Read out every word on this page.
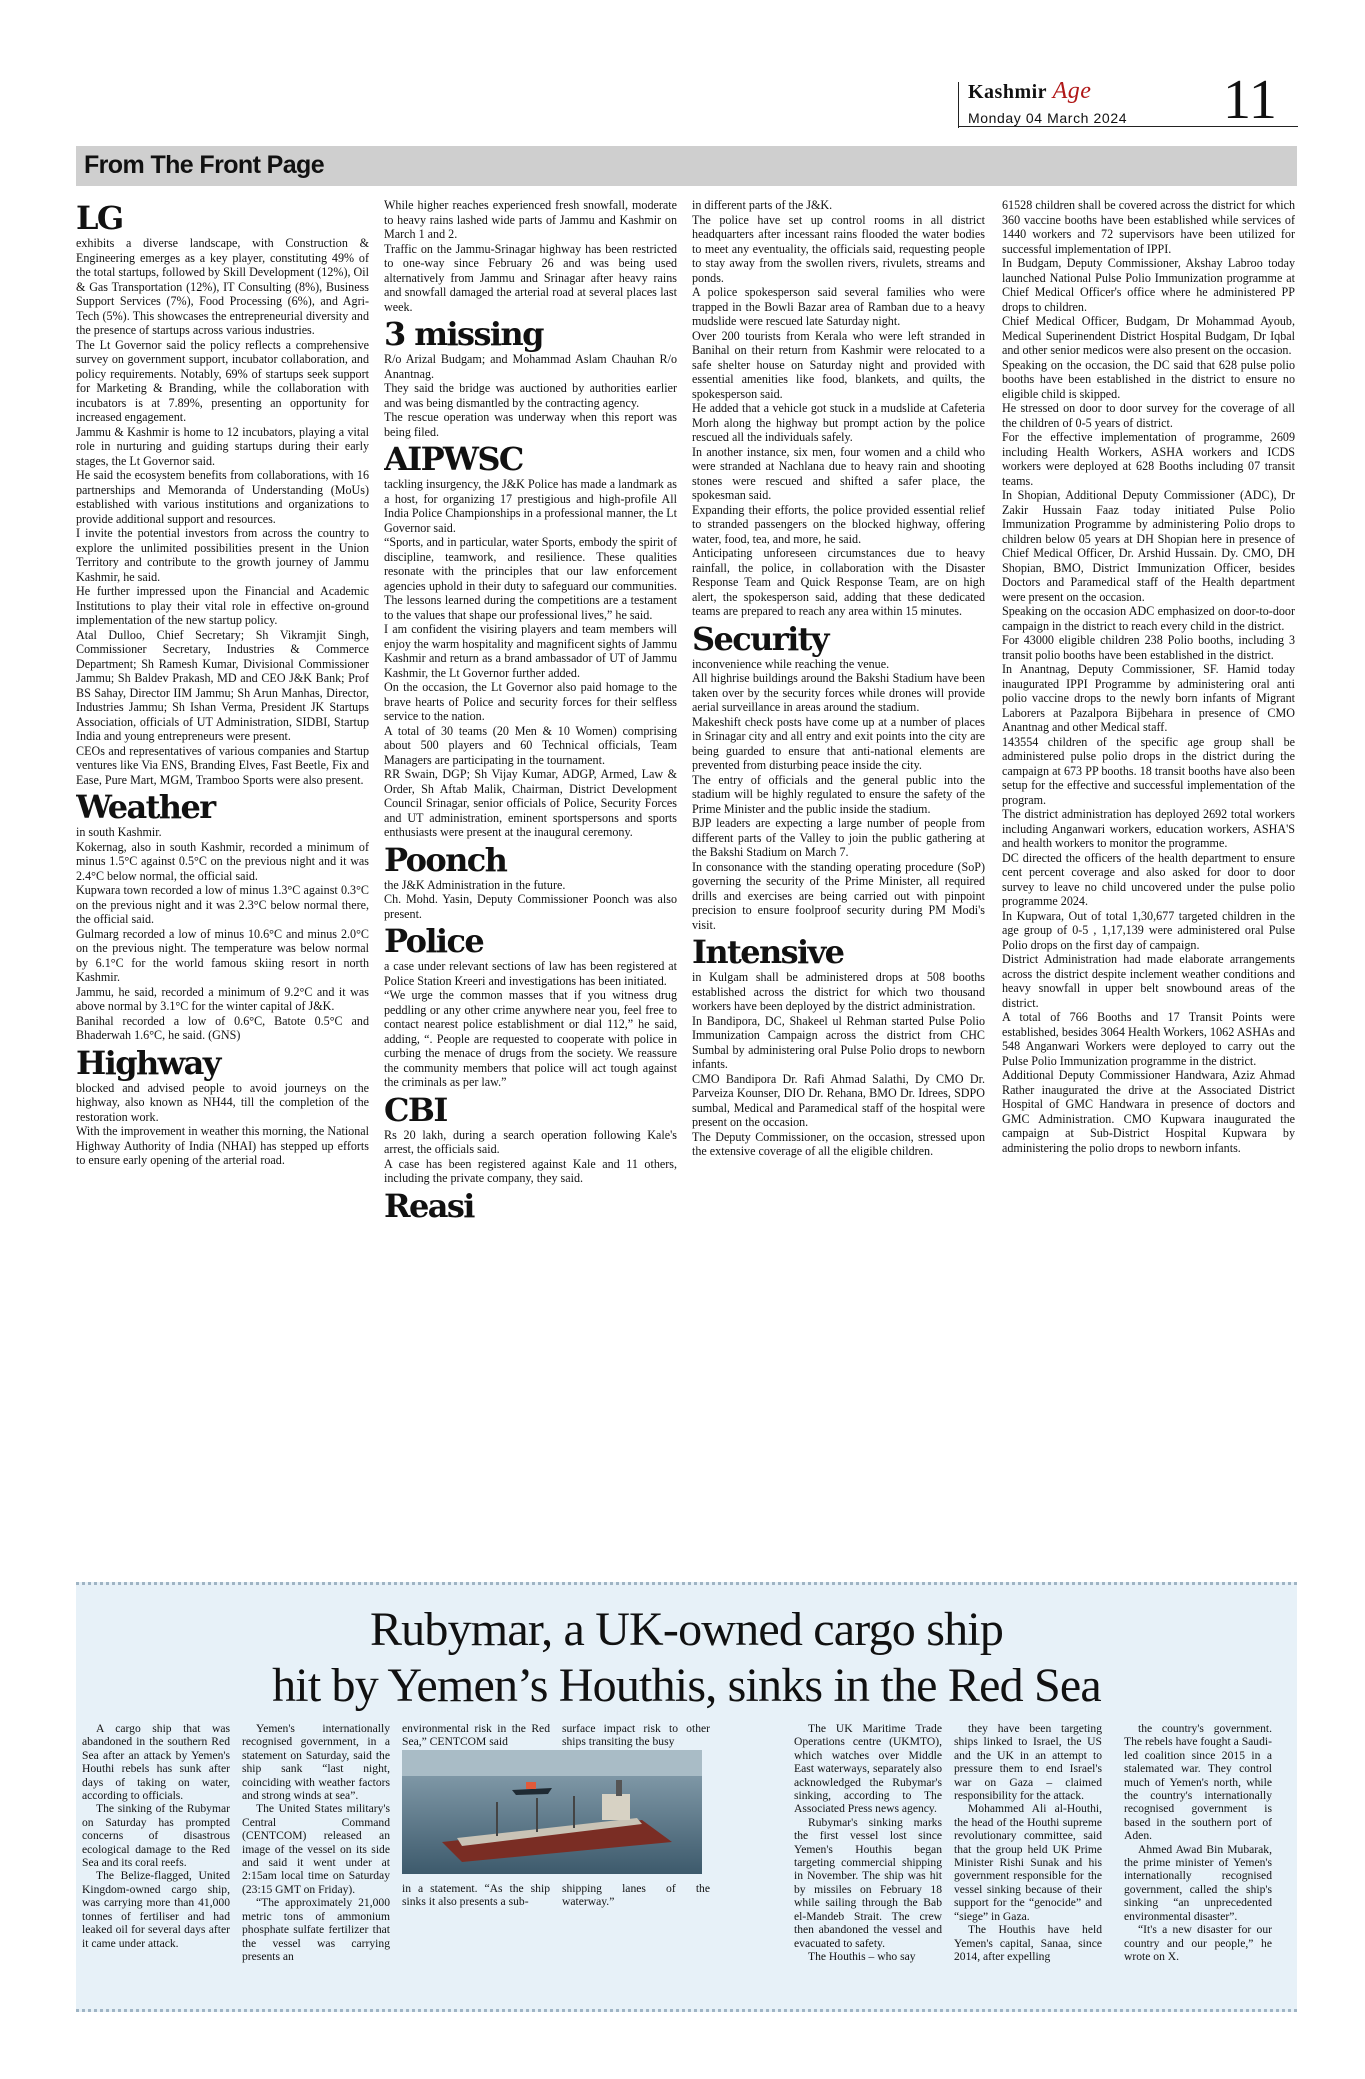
Kashmir Age
Monday 04 March 2024 11
From The Front Page
LG

exhibits a diverse landscape, with Construction & Engineering emerges as a key player, constituting 49% of the total startups, followed by Skill Development (12%), Oil & Gas Transportation (12%), IT Consulting (8%), Business Support Services (7%), Food Processing (6%), and Agri-Tech (5%). This showcases the entrepreneurial diversity and the presence of startups across various industries.

The Lt Governor said the policy reflects a comprehensive survey on government support, incubator collaboration, and policy requirements. Notably, 69% of startups seek support for Marketing & Branding, while the collaboration with incubators is at 7.89%, presenting an opportunity for increased engagement.

Jammu & Kashmir is home to 12 incubators, playing a vital role in nurturing and guiding startups during their early stages, the Lt Governor said.

He said the ecosystem benefits from collaborations, with 16 partnerships and Memoranda of Understanding (MoUs) established with various institutions and organizations to provide additional support and resources.

I invite the potential investors from across the country to explore the unlimited possibilities present in the Union Territory and contribute to the growth journey of Jammu Kashmir, he said.

He further impressed upon the Financial and Academic Institutions to play their vital role in effective on-ground implementation of the new startup policy.

Atal Dulloo, Chief Secretary; Sh Vikramjit Singh, Commissioner Secretary, Industries & Commerce Department; Sh Ramesh Kumar, Divisional Commissioner Jammu; Sh Baldev Prakash, MD and CEO J&K Bank; Prof BS Sahay, Director IIM Jammu; Sh Arun Manhas, Director, Industries Jammu; Sh Ishan Verma, President JK Startups Association, officials of UT Administration, SIDBI, Startup India and young entrepreneurs were present.

CEOs and representatives of various companies and Startup ventures like Via ENS, Branding Elves, Fast Beetle, Fix and Ease, Pure Mart, MGM, Tramboo Sports were also present.

Weather

in south Kashmir.

Kokernag, also in south Kashmir, recorded a minimum of minus 1.5°C against 0.5°C on the previous night and it was 2.4°C below normal, the official said.

Kupwara town recorded a low of minus 1.3°C against 0.3°C on the previous night and it was 2.3°C below normal there, the official said.

Gulmarg recorded a low of minus 10.6°C and minus 2.0°C on the previous night. The temperature was below normal by 6.1°C for the world famous skiing resort in north Kashmir.

Jammu, he said, recorded a minimum of 9.2°C and it was above normal by 3.1°C for the winter capital of J&K.

Banihal recorded a low of 0.6°C, Batote 0.5°C and Bhaderwah 1.6°C, he said. (GNS)

Highway

blocked and advised people to avoid journeys on the highway, also known as NH44, till the completion of the restoration work.

With the improvement in weather this morning, the National Highway Authority of India (NHAI) has stepped up efforts to ensure early opening of the arterial road.

While higher reaches experienced fresh snowfall, moderate to heavy rains lashed wide parts of Jammu and Kashmir on March 1 and 2.

Traffic on the Jammu-Srinagar highway has been restricted to one-way since February 26 and was being used alternatively from Jammu and Srinagar after heavy rains and snowfall damaged the arterial road at several places last week.

3 missing

R/o Arizal Budgam; and Mohammad Aslam Chauhan R/o Anantnag.

They said the bridge was auctioned by authorities earlier and was being dismantled by the contracting agency.

The rescue operation was underway when this report was being filed.

AIPWSC

tackling insurgency, the J&K Police has made a landmark as a host, for organizing 17 prestigious and high-profile All India Police Championships in a professional manner, the Lt Governor said.

“Sports, and in particular, water Sports, embody the spirit of discipline, teamwork, and resilience. These qualities resonate with the principles that our law enforcement agencies uphold in their duty to safeguard our communities. The lessons learned during the competitions are a testament to the values that shape our professional lives,” he said.

I am confident the visiring players and team members will enjoy the warm hospitality and magnificent sights of Jammu Kashmir and return as a brand ambassador of UT of Jammu Kashmir, the Lt Governor further added.

On the occasion, the Lt Governor also paid homage to the brave hearts of Police and security forces for their selfless service to the nation.

A total of 30 teams (20 Men & 10 Women) comprising about 500 players and 60 Technical officials, Team Managers are participating in the tournament.

RR Swain, DGP; Sh Vijay Kumar, ADGP, Armed, Law & Order, Sh Aftab Malik, Chairman, District Development Council Srinagar, senior officials of Police, Security Forces and UT administration, eminent sportspersons and sports enthusiasts were present at the inaugural ceremony.

Poonch

the J&K Administration in the future.

Ch. Mohd. Yasin, Deputy Commissioner Poonch was also present.

Police

a case under relevant sections of law has been registered at Police Station Kreeri and investigations has been initiated.

“We urge the common masses that if you witness drug peddling or any other crime anywhere near you, feel free to contact nearest police establishment or dial 112,” he said, adding, “. People are requested to cooperate with police in curbing the menace of drugs from the society. We reassure the community members that police will act tough against the criminals as per law.”

CBI

Rs 20 lakh, during a search operation following Kale's arrest, the officials said.

A case has been registered against Kale and 11 others, including the private company, they said.

Reasi

in different parts of the J&K.

The police have set up control rooms in all district headquarters after incessant rains flooded the water bodies to meet any eventuality, the officials said, requesting people to stay away from the swollen rivers, rivulets, streams and ponds.

A police spokesperson said several families who were trapped in the Bowli Bazar area of Ramban due to a heavy mudslide were rescued late Saturday night.

Over 200 tourists from Kerala who were left stranded in Banihal on their return from Kashmir were relocated to a safe shelter house on Saturday night and provided with essential amenities like food, blankets, and quilts, the spokesperson said.

He added that a vehicle got stuck in a mudslide at Cafeteria Morh along the highway but prompt action by the police rescued all the individuals safely.

In another instance, six men, four women and a child who were stranded at Nachlana due to heavy rain and shooting stones were rescued and shifted a safer place, the spokesman said.

Expanding their efforts, the police provided essential relief to stranded passengers on the blocked highway, offering water, food, tea, and more, he said.

Anticipating unforeseen circumstances due to heavy rainfall, the police, in collaboration with the Disaster Response Team and Quick Response Team, are on high alert, the spokesperson said, adding that these dedicated teams are prepared to reach any area within 15 minutes.

Security

inconvenience while reaching the venue.

All highrise buildings around the Bakshi Stadium have been taken over by the security forces while drones will provide aerial surveillance in areas around the stadium.

Makeshift check posts have come up at a number of places in Srinagar city and all entry and exit points into the city are being guarded to ensure that anti-national elements are prevented from disturbing peace inside the city.

The entry of officials and the general public into the stadium will be highly regulated to ensure the safety of the Prime Minister and the public inside the stadium.

BJP leaders are expecting a large number of people from different parts of the Valley to join the public gathering at the Bakshi Stadium on March 7.

In consonance with the standing operating procedure (SoP) governing the security of the Prime Minister, all required drills and exercises are being carried out with pinpoint precision to ensure foolproof security during PM Modi's visit.

Intensive

in Kulgam shall be administered drops at 508 booths established across the district for which two thousand workers have been deployed by the district administration.

In Bandipora, DC, Shakeel ul Rehman started Pulse Polio Immunization Campaign across the district from CHC Sumbal by administering oral Pulse Polio drops to newborn infants.

CMO Bandipora Dr. Rafi Ahmad Salathi, Dy CMO Dr. Parveiza Kounser, DIO Dr. Rehana, BMO Dr. Idrees, SDPO sumbal, Medical and Paramedical staff of the hospital were present on the occasion.

The Deputy Commissioner, on the occasion, stressed upon the extensive coverage of all the eligible children.

61528 children shall be covered across the district for which 360 vaccine booths have been established while services of 1440 workers and 72 supervisors have been utilized for successful implementation of IPPI.

In Budgam, Deputy Commissioner, Akshay Labroo today launched National Pulse Polio Immunization programme at Chief Medical Officer's office where he administered PP drops to children.

Chief Medical Officer, Budgam, Dr Mohammad Ayoub, Medical Superinendent District Hospital Budgam, Dr Iqbal and other senior medicos were also present on the occasion.

Speaking on the occasion, the DC said that 628 pulse polio booths have been established in the district to ensure no eligible child is skipped.

He stressed on door to door survey for the coverage of all the children of 0-5 years of district.

For the effective implementation of programme, 2609 including Health Workers, ASHA workers and ICDS workers were deployed at 628 Booths including 07 transit teams.

In Shopian, Additional Deputy Commissioner (ADC), Dr Zakir Hussain Faaz today initiated Pulse Polio Immunization Programme by administering Polio drops to children below 05 years at DH Shopian here in presence of Chief Medical Officer, Dr. Arshid Hussain. Dy. CMO, DH Shopian, BMO, District Immunization Officer, besides Doctors and Paramedical staff of the Health department were present on the occasion.

Speaking on the occasion ADC emphasized on door-to-door campaign in the district to reach every child in the district.

For 43000 eligible children 238 Polio booths, including 3 transit polio booths have been established in the district.

In Anantnag, Deputy Commissioner, SF. Hamid today inaugurated IPPI Programme by administering oral anti polio vaccine drops to the newly born infants of Migrant Laborers at Pazalpora Bijbehara in presence of CMO Anantnag and other Medical staff.

143554 children of the specific age group shall be administered pulse polio drops in the district during the campaign at 673 PP booths. 18 transit booths have also been setup for the effective and successful implementation of the program.

The district administration has deployed 2692 total workers including Anganwari workers, education workers, ASHA'S and health workers to monitor the programme.

DC directed the officers of the health department to ensure cent percent coverage and also asked for door to door survey to leave no child uncovered under the pulse polio programme 2024.

In Kupwara, Out of total 1,30,677 targeted children in the age group of 0-5 , 1,17,139 were administered oral Pulse Polio drops on the first day of campaign.

District Administration had made elaborate arrangements across the district despite inclement weather conditions and heavy snowfall in upper belt snowbound areas of the district.

A total of 766 Booths and 17 Transit Points were established, besides 3064 Health Workers, 1062 ASHAs and 548 Anganwari Workers were deployed to carry out the Pulse Polio Immunization programme in the district.

Additional Deputy Commissioner Handwara, Aziz Ahmad Rather inaugurated the drive at the Associated District Hospital of GMC Handwara in presence of doctors and GMC Administration. CMO Kupwara inaugurated the campaign at Sub-District Hospital Kupwara by administering the polio drops to newborn infants.

Rubymar, a UK-owned cargo ship
hit by Yemen’s Houthis, sinks in the Red Sea

A cargo ship that was abandoned in the southern Red Sea after an attack by Yemen's Houthi rebels has sunk after days of taking on water, according to officials.

The sinking of the Rubymar on Saturday has prompted concerns of disastrous ecological damage to the Red Sea and its coral reefs.

The Belize-flagged, United Kingdom-owned cargo ship, was carrying more than 41,000 tonnes of fertiliser and had leaked oil for several days after it came under attack.

Yemen's internationally recognised government, in a statement on Saturday, said the ship sank “last night, coinciding with weather factors and strong winds at sea”.

The United States military's Central Command (CENTCOM) released an image of the vessel on its side and said it went under at 2:15am local time on Saturday (23:15 GMT on Friday).

“The approximately 21,000 metric tons of ammonium phosphate sulfate fertilizer that the vessel was carrying presents an

environmental risk in the Red Sea,” CENTCOM said
surface impact risk to other ships transiting the busy
in a statement. “As the ship sinks it also presents a sub-
shipping lanes of the waterway.”

The UK Maritime Trade Operations centre (UKMTO), which watches over Middle East waterways, separately also acknowledged the Rubymar's sinking, according to The Associated Press news agency.

Rubymar's sinking marks the first vessel lost since Yemen's Houthis began targeting commercial shipping in November. The ship was hit by missiles on February 18 while sailing through the Bab el-Mandeb Strait. The crew then abandoned the vessel and evacuated to safety.

The Houthis – who say

they have been targeting ships linked to Israel, the US and the UK in an attempt to pressure them to end Israel's war on Gaza – claimed responsibility for the attack.

Mohammed Ali al-Houthi, the head of the Houthi supreme revolutionary committee, said that the group held UK Prime Minister Rishi Sunak and his government responsible for the vessel sinking because of their support for the “genocide” and “siege” in Gaza.

The Houthis have held Yemen's capital, Sanaa, since 2014, after expelling

the country's government. The rebels have fought a Saudi-led coalition since 2015 in a stalemated war. They control much of Yemen's north, while the country's internationally recognised government is based in the southern port of Aden.

Ahmed Awad Bin Mubarak, the prime minister of Yemen's internationally recognised government, called the ship's sinking “an unprecedented environmental disaster”.

“It's a new disaster for our country and our people,” he wrote on X.
